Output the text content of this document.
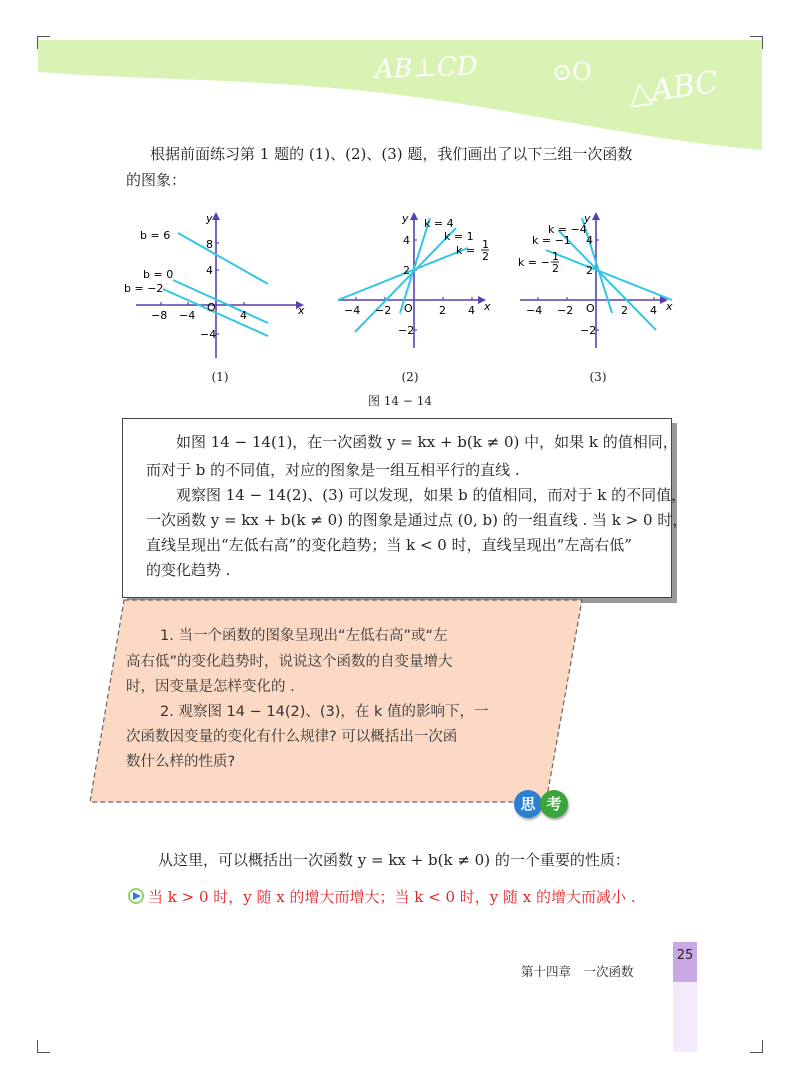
AB⊥CD	⊙O △ABC
根据前面练习第 1 题的 (1)、(2)、(3) 题，我们画出了以下三组一次函数
的图象：
b = 6
b = 0
b = −2
−8 −4
O
4
8
4
−4
x
y	k = 4
k = 1
k = 1
2
−4 −2 O 2 4
4
2
−2
x
y
k = −4
k = −1
k = − 1
2
−4 −2 O 2 4
4
2
−2
x
y
(1)	(2)	(3)
图 14 − 14
如图 14 − 14(1)，在一次函数 y = kx + b(k ≠ 0) 中，如果 k 的值相同，
而对于 b 的不同值，对应的图象是一组互相平行的直线 .
观察图 14 − 14(2)、(3) 可以发现，如果 b 的值相同，而对于 k 的不同值，
一次函数 y = kx + b(k ≠ 0) 的图象是通过点 (0, b) 的一组直线 . 当 k > 0 时，
直线呈现出“左低右高”的变化趋势；当 k < 0 时，直线呈现出“左高右低”
的变化趋势 .
1. 当一个函数的图象呈现出“左低右高”或“左
高右低”的变化趋势时，说说这个函数的自变量增大
时，因变量是怎样变化的 .
2. 观察图 14 − 14(2)、(3)，在 k 值的影响下，一
次函数因变量的变化有什么规律? 可以概括出一次函
数什么样的性质?
思 考
从这里，可以概括出一次函数 y = kx + b(k ≠ 0) 的一个重要的性质：
当 k > 0 时，y 随 x 的增大而增大；当 k < 0 时，y 随 x 的增大而减小 .
第十四章　一次函数
25
